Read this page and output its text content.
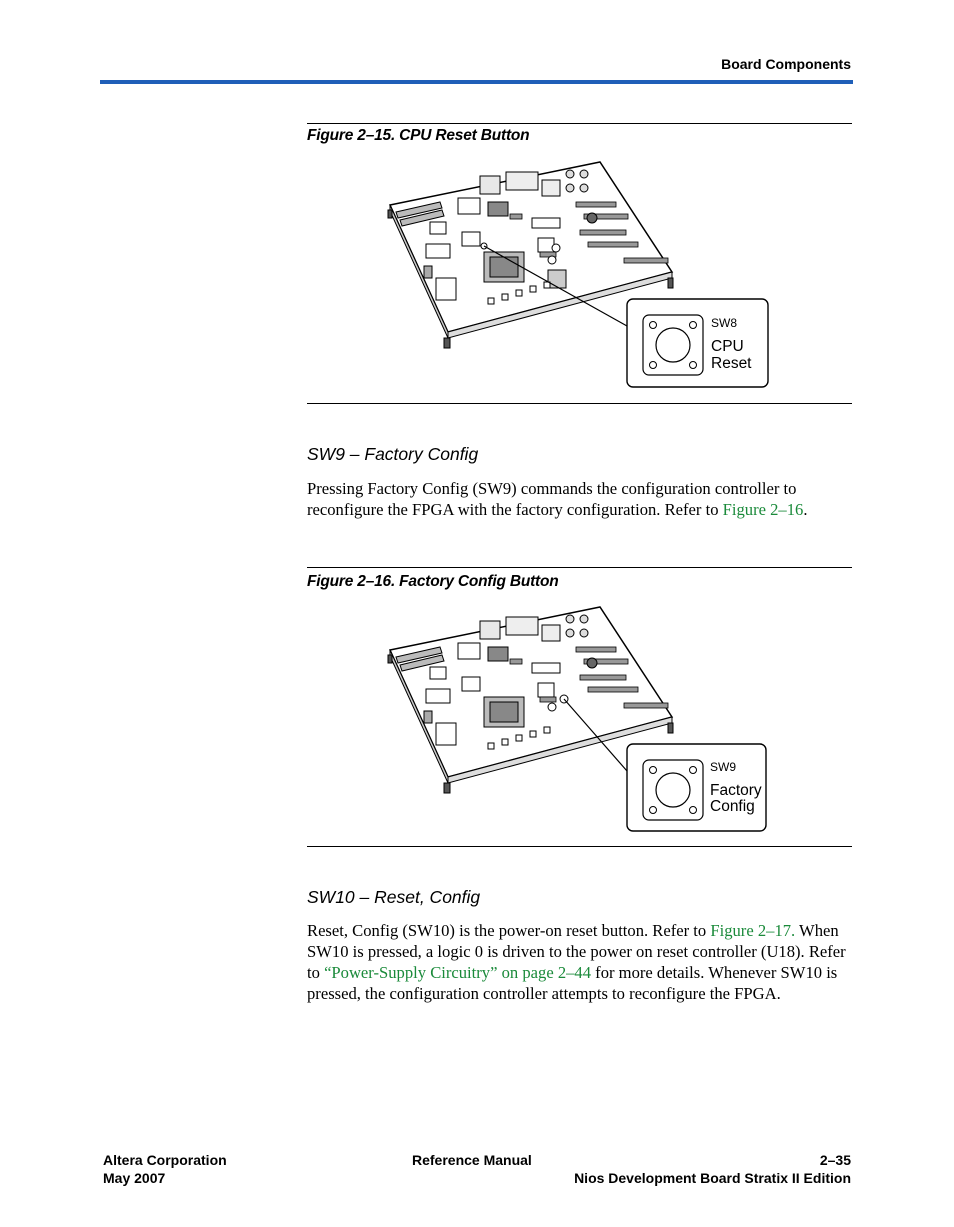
Board Components
Figure 2–15. CPU Reset Button
SW8
CPU
Reset
SW9 – Factory Config
Pressing Factory Config (SW9) commands the configuration controller to reconfigure the FPGA with the factory configuration. Refer to Figure 2–16.
Figure 2–16. Factory Config Button
SW9
Factory
Config
SW10 – Reset, Config
Reset, Config (SW10) is the power-on reset button. Refer to Figure 2–17. When SW10 is pressed, a logic 0 is driven to the power on reset controller (U18). Refer to “Power-Supply Circuitry” on page 2–44 for more details. Whenever SW10 is pressed, the configuration controller attempts to reconfigure the FPGA.
Altera Corporation
May 2007
Reference Manual	2–35
Nios Development Board Stratix II Edition
